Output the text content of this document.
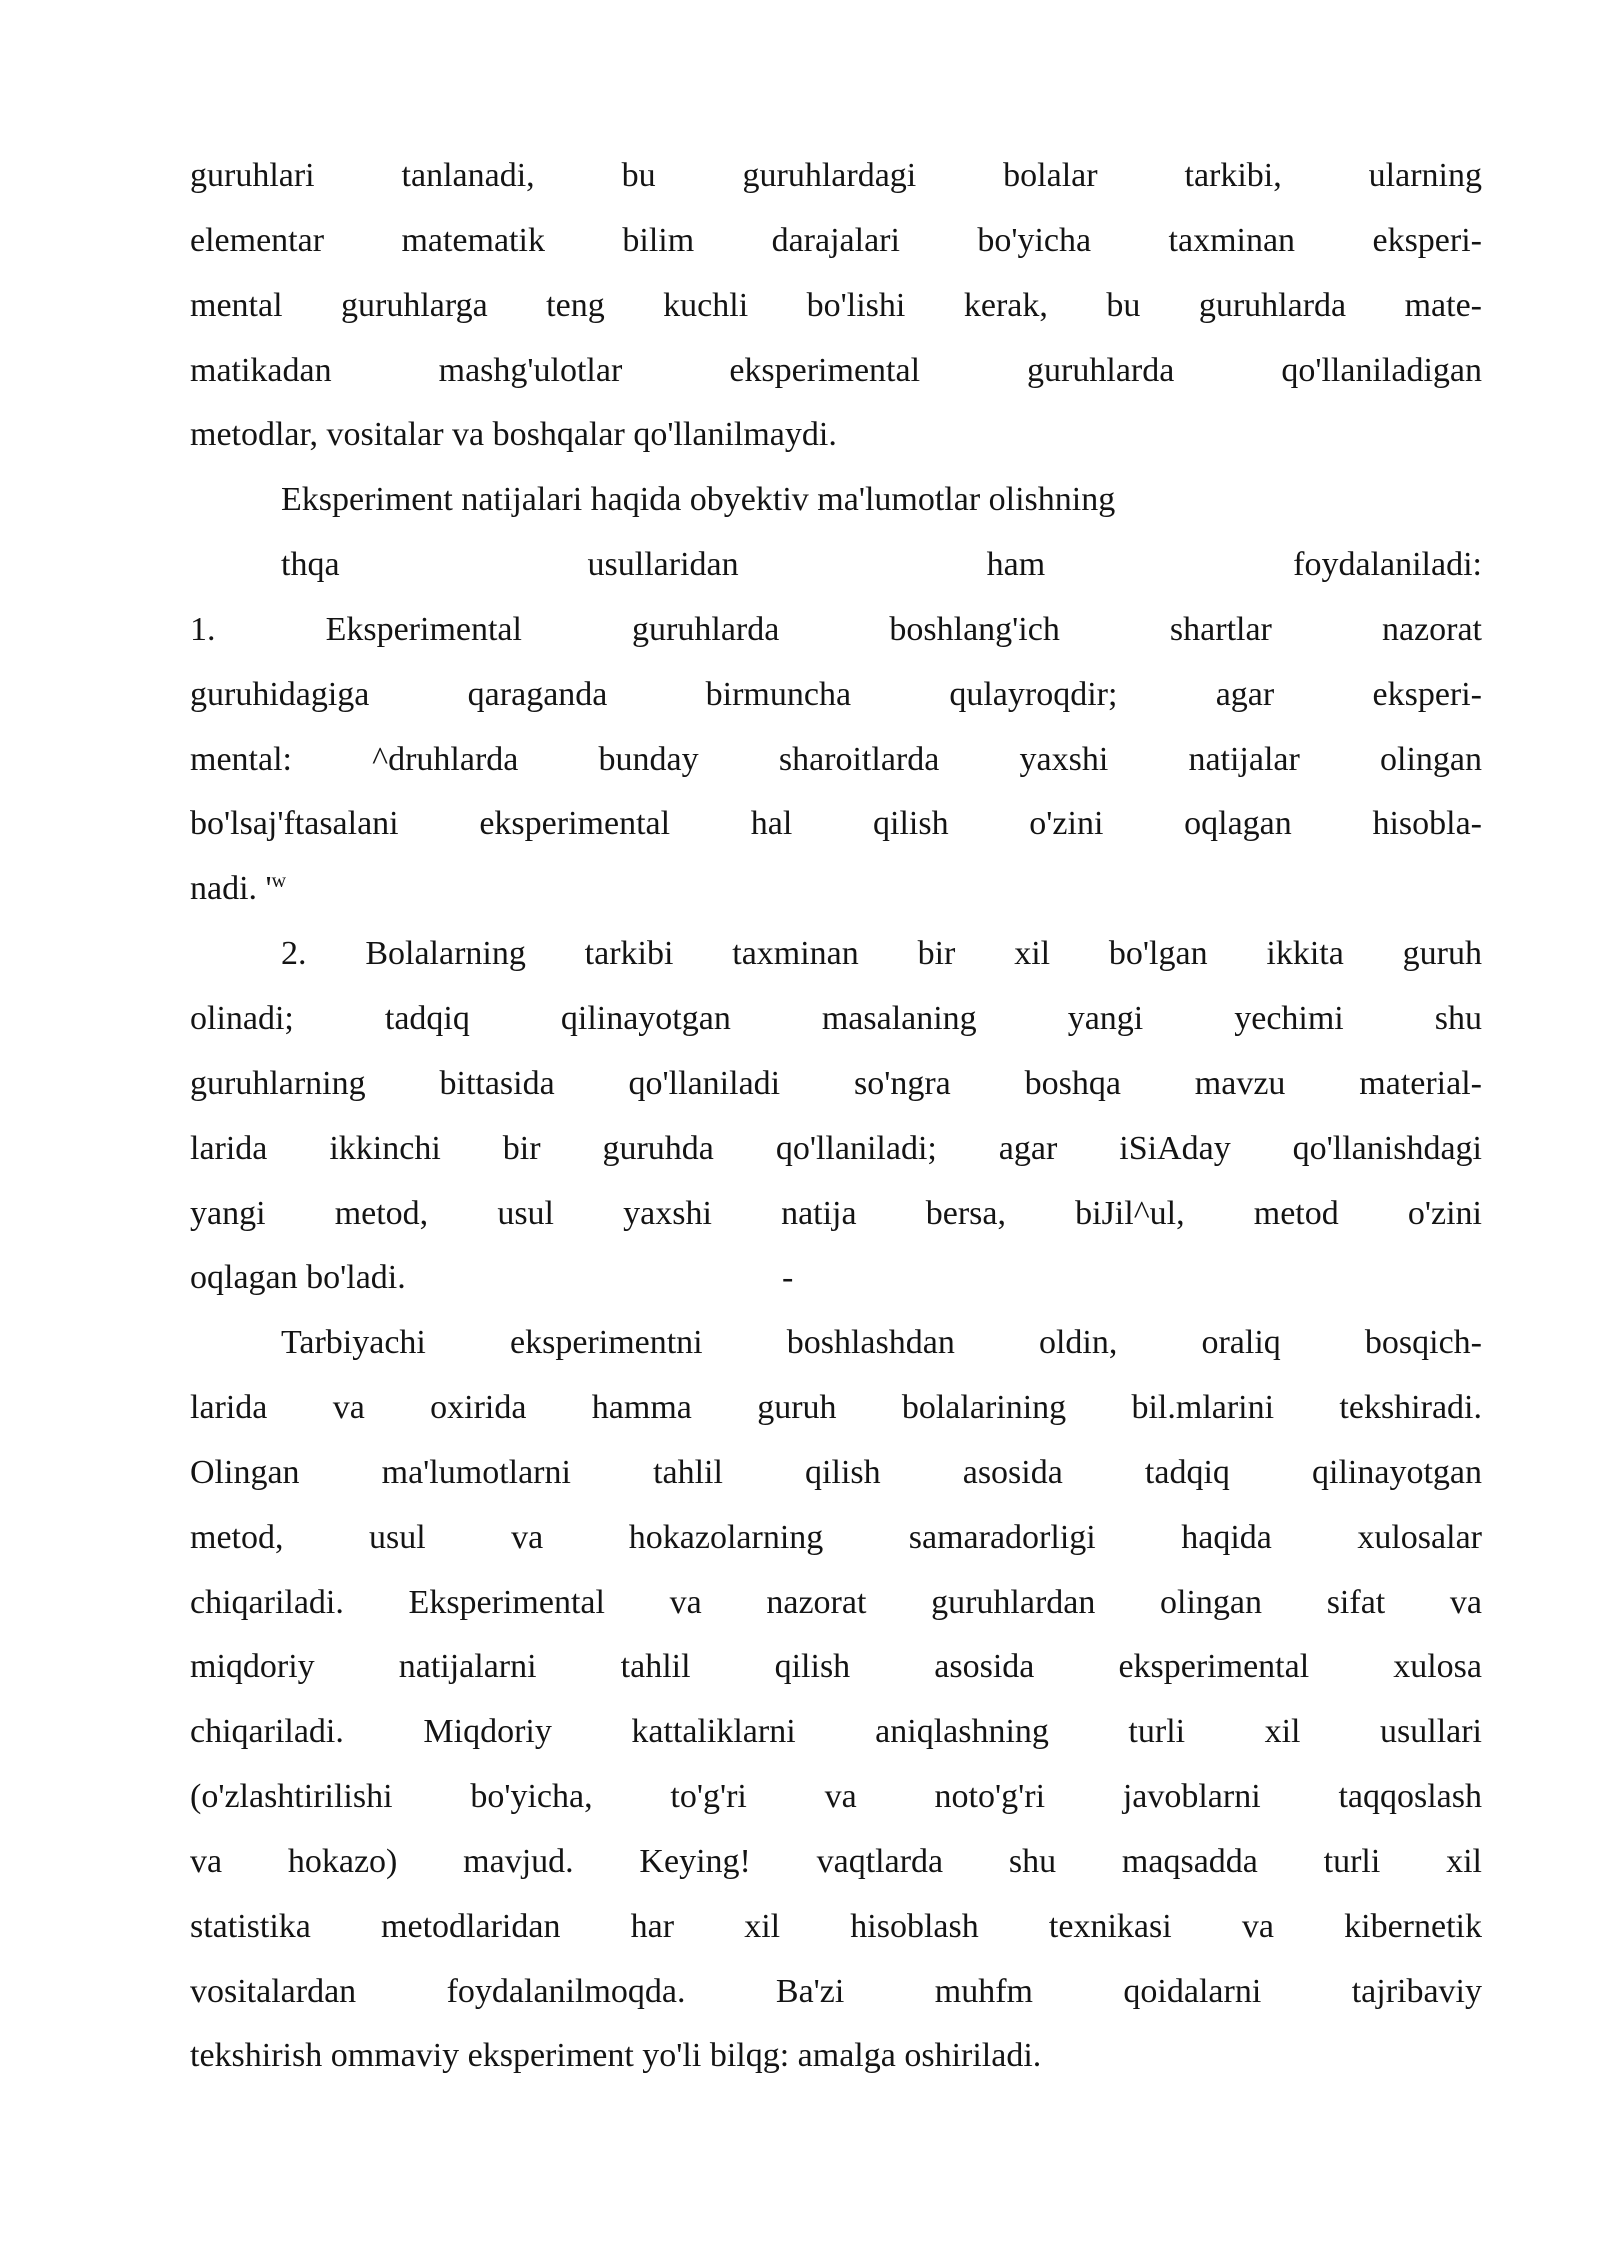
guruhlari tanlanadi, bu guruhlardagi bolalar tarkibi, ularning
elementar matematik bilim darajalari bo'yicha taxminan eksperi-
mental guruhlarga teng kuchli bo'lishi kerak, bu guruhlarda mate-
matikadan mashg'ulotlar eksperimental guruhlarda qo'llaniladigan
metodlar, vositalar va boshqalar qo'llanilmaydi.
Eksperiment natijalari haqida obyektiv ma'lumotlar olishning
thqa usullaridan ham foydalaniladi:
1. Eksperimental guruhlarda boshlang'ich shartlar nazorat
guruhidagiga qaraganda birmuncha qulayroqdir; agar eksperi-
mental: ^druhlarda bunday sharoitlarda yaxshi natijalar olingan
bo'lsaj'ftasalani eksperimental hal qilish o'zini oqlagan hisobla-
nadi. '$^w$
2. Bolalarning tarkibi taxminan bir xil bo'lgan ikkita guruh
olinadi; tadqiq qilinayotgan masalaning yangi yechimi shu
guruhlarning bittasida qo'llaniladi so'ngra boshqa mavzu material-
larida ikkinchi bir guruhda qo'llaniladi; agar iSiAday qo'llanishdagi
yangi metod, usul yaxshi natija bersa, biJil^ul, metod o'zini
oqlagan bo'ladi.	-
Tarbiyachi eksperimentni boshlashdan oldin, oraliq bosqich-
larida va oxirida hamma guruh bolalarining bil.mlarini tekshiradi.
Olingan ma'lumotlarni tahlil qilish asosida tadqiq qilinayotgan
metod, usul va hokazolarning samaradorligi haqida xulosalar
chiqariladi. Eksperimental va nazorat guruhlardan olingan sifat va
miqdoriy natijalarni tahlil qilish asosida eksperimental xulosa
chiqariladi. Miqdoriy kattaliklarni aniqlashning turli xil usullari
(o'zlashtirilishi bo'yicha, to'g'ri va noto'g'ri javoblarni taqqoslash
va hokazo) mavjud. Keying! vaqtlarda shu maqsadda turli xil
statistika metodlaridan har xil hisoblash texnikasi va kibernetik
vositalardan foydalanilmoqda. Ba'zi muhfm qoidalarni tajribaviy
tekshirish ommaviy eksperiment yo'li bilqg: amalga oshiriladi.
